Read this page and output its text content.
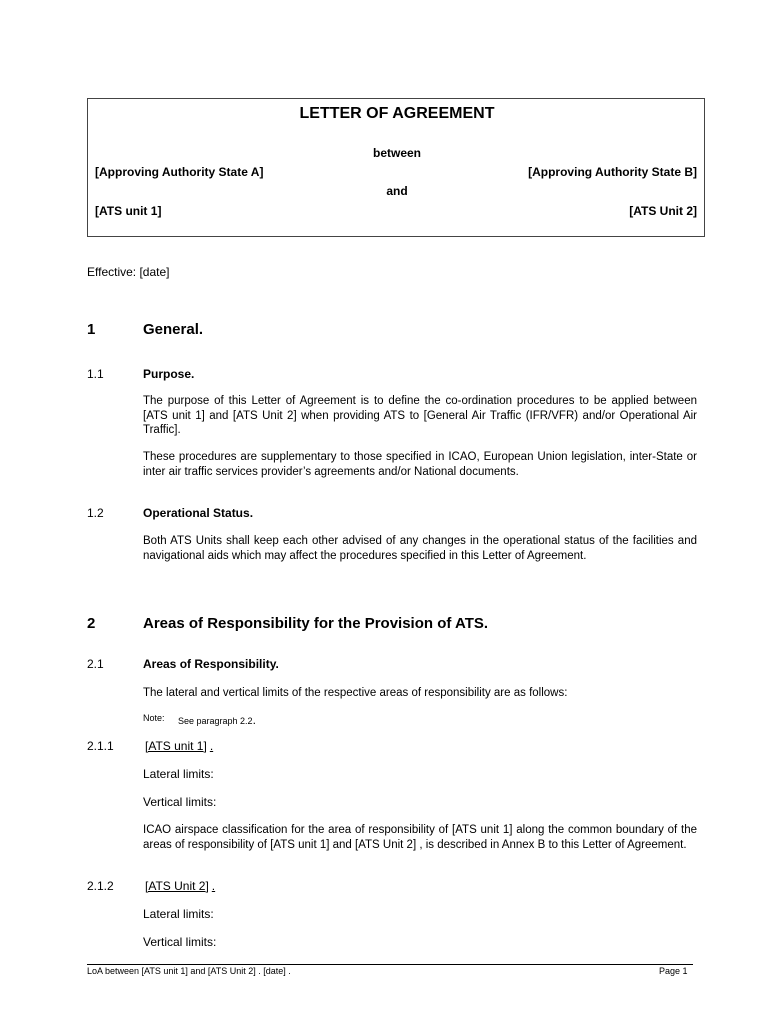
LETTER OF AGREEMENT
between
[Approving Authority State A]	[Approving Authority State B]
and
[ATS unit 1]	[ATS Unit 2]
Effective: [date]
1	General.
1.1	Purpose.
The purpose of this Letter of Agreement is to define the co-ordination procedures to be applied between [ATS unit 1] and [ATS Unit 2] when providing ATS to [General Air Traffic (IFR/VFR) and/or Operational Air Traffic].
These procedures are supplementary to those specified in ICAO, European Union legislation, inter-State or inter air traffic services provider’s agreements and/or National documents.
1.2	Operational Status.
Both ATS Units shall keep each other advised of any changes in the operational status of the facilities and navigational aids which may affect the procedures specified in this Letter of Agreement.
2	Areas of Responsibility for the Provision of ATS.
2.1	Areas of Responsibility.
The lateral and vertical limits of the respective areas of responsibility are as follows:
Note: See paragraph 2.2.
2.1.1	[ATS unit 1] .
Lateral limits:
Vertical limits:
ICAO airspace classification for the area of responsibility of [ATS unit 1] along the common boundary of the areas of responsibility of [ATS unit 1] and [ATS Unit 2] , is described in Annex B to this Letter of Agreement.
2.1.2	[ATS Unit 2] .
Lateral limits:
Vertical limits:
LoA between [ATS unit 1] and [ATS Unit 2] . [date] .	Page 1
